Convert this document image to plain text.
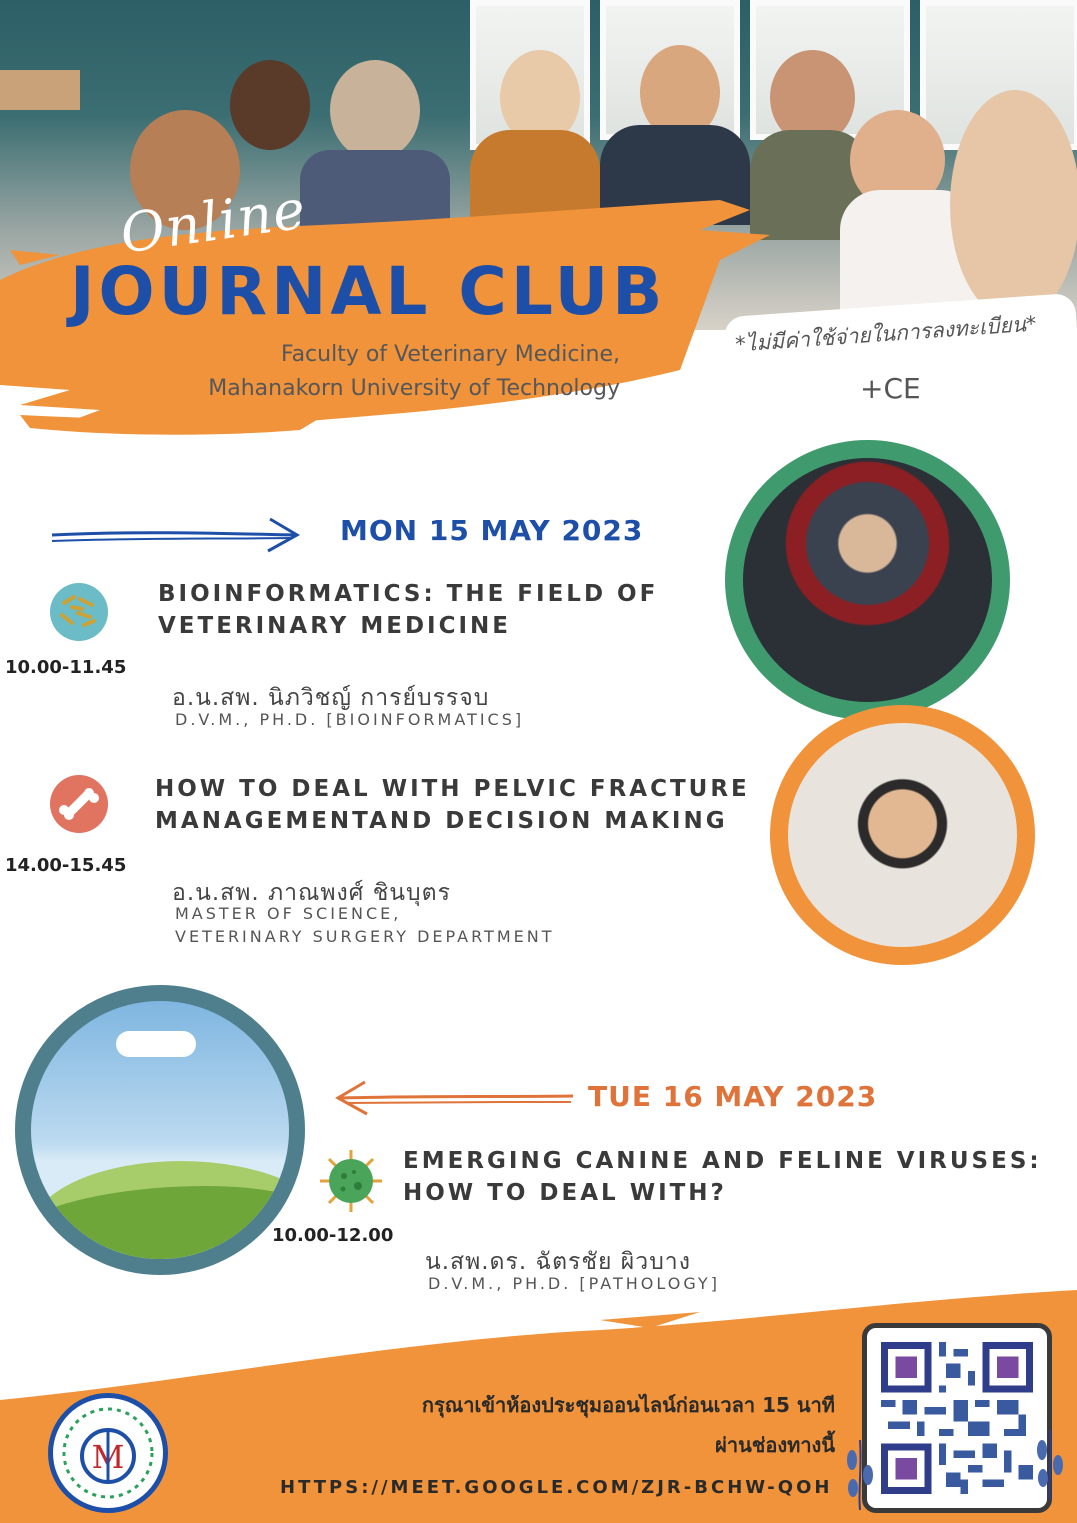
Online
JOURNAL CLUB
Faculty of Veterinary Medicine,
Mahanakorn University of Technology
*ไม่มีค่าใช้จ่ายในการลงทะเบียน*
+CE
MON 15 MAY 2023
BIOINFORMATICS: THE FIELD OF
VETERINARY MEDICINE
10.00-11.45
อ.น.สพ. นิภวิชญ์ การย์บรรจบ
D.V.M., PH.D. [BIOINFORMATICS]
HOW TO DEAL WITH PELVIC FRACTURE
MANAGEMENTAND DECISION MAKING
14.00-15.45
อ.น.สพ. ภาณพงศ์ ชินบุตร
MASTER OF SCIENCE,
VETERINARY SURGERY DEPARTMENT
TUE 16 MAY 2023
EMERGING CANINE AND FELINE VIRUSES:
HOW TO DEAL WITH?
10.00-12.00
น.สพ.ดร. ฉัตรชัย ผิวบาง
D.V.M., PH.D. [PATHOLOGY]
M
กรุณาเข้าห้องประชุมออนไลน์ก่อนเวลา 15 นาที
ผ่านช่องทางนี้
HTTPS://MEET.GOOGLE.COM/ZJR-BCHW-QOH
